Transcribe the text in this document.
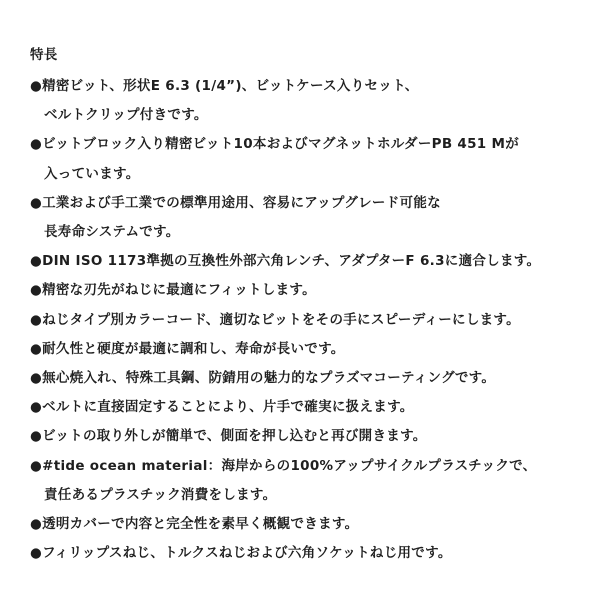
特長
●精密ビット、形状E 6.3 (1/4”)、ビットケース入りセット、
ベルトクリップ付きです。
●ビットブロック入り精密ビット10本およびマグネットホルダーPB 451 Mが
入っています。
●工業および手工業での標準用途用、容易にアップグレード可能な
長寿命システムです。
●DIN ISO 1173準拠の互換性外部六角レンチ、アダプターF 6.3に適合します。
●精密な刃先がねじに最適にフィットします。
●ねじタイプ別カラーコード、適切なビットをその手にスピーディーにします。
●耐久性と硬度が最適に調和し、寿命が長いです。
●無心焼入れ、特殊工具鋼、防錆用の魅力的なプラズマコーティングです。
●ベルトに直接固定することにより、片手で確実に扱えます。
●ビットの取り外しが簡単で、側面を押し込むと再び開きます。
●#tide ocean material：海岸からの100%アップサイクルプラスチックで、
責任あるプラスチック消費をします。
●透明カバーで内容と完全性を素早く概観できます。
●フィリップスねじ、トルクスねじおよび六角ソケットねじ用です。
